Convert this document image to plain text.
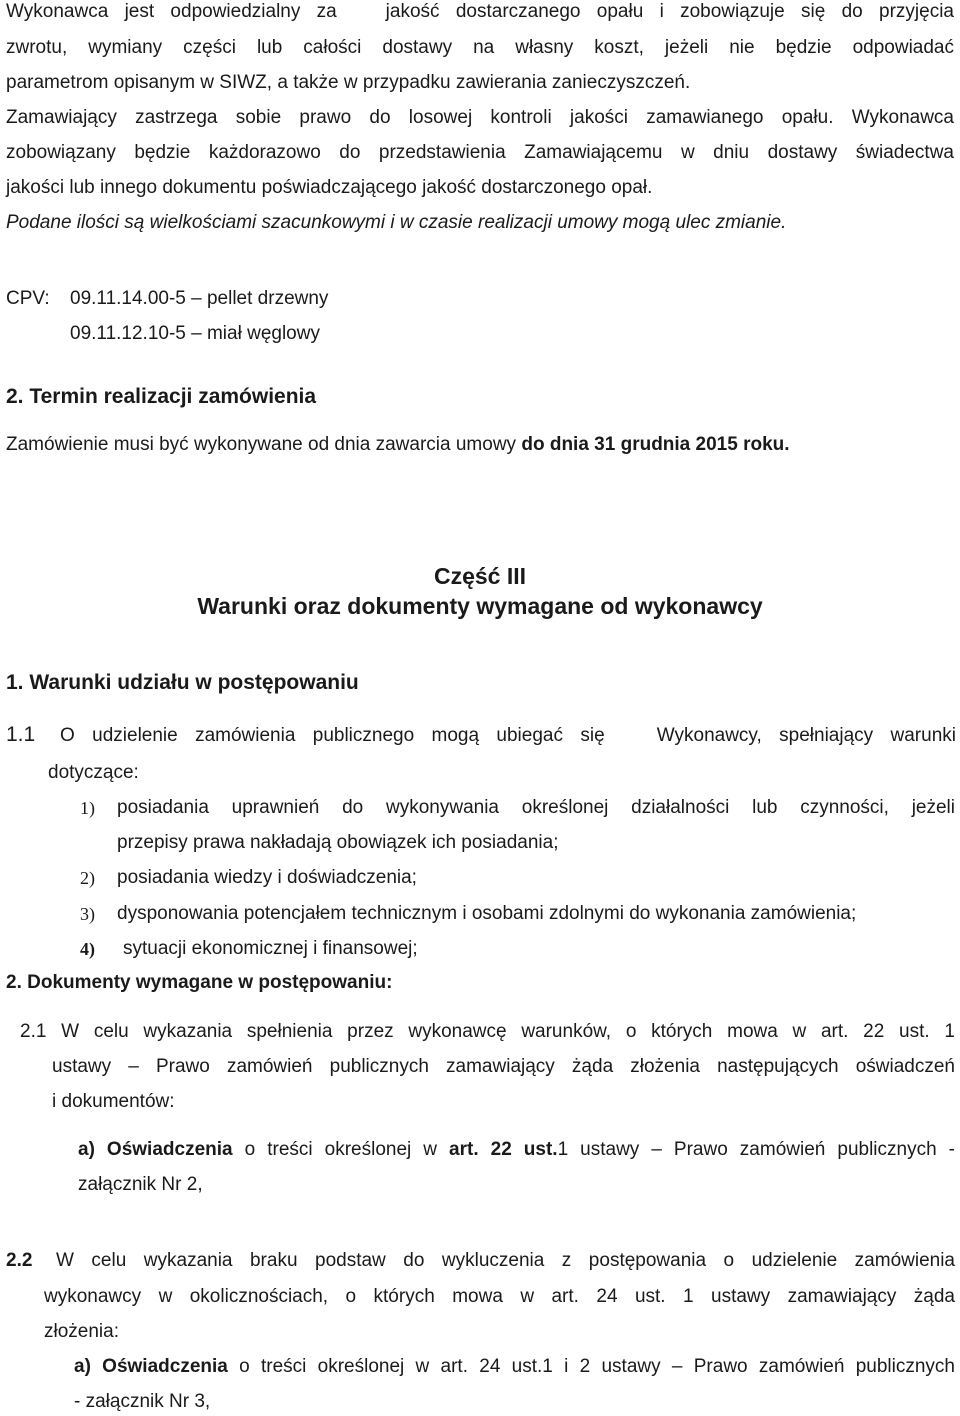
Wykonawca jest odpowiedzialny za	jakość dostarczanego opału i zobowiązuje się do przyjęcia
zwrotu, wymiany części lub całości dostawy na własny koszt, jeżeli nie będzie odpowiadać
parametrom opisanym w SIWZ, a także w przypadku zawierania zanieczyszczeń.
Zamawiający zastrzega sobie prawo do losowej kontroli jakości zamawianego opału. Wykonawca
zobowiązany będzie każdorazowo do przedstawienia Zamawiającemu w dniu dostawy świadectwa
jakości lub innego dokumentu poświadczającego jakość dostarczonego opał.
Podane ilości są wielkościami szacunkowymi i w czasie realizacji umowy mogą ulec zmianie.
CPV: 09.11.14.00-5 – pellet drzewny
09.11.12.10-5 – miał węglowy
2. Termin realizacji zamówienia
Zamówienie musi być wykonywane od dnia zawarcia umowy do dnia 31 grudnia 2015 roku.
Część III
Warunki oraz dokumenty wymagane od wykonawcy
1. Warunki udziału w postępowaniu
1.1 O udzielenie zamówienia publicznego mogą ubiegać się	Wykonawcy, spełniający warunki
dotyczące:
1) posiadania uprawnień do wykonywania określonej działalności lub czynności, jeżeli
przepisy prawa nakładają obowiązek ich posiadania;
2) posiadania wiedzy i doświadczenia;
3) dysponowania potencjałem technicznym i osobami zdolnymi do wykonania zamówienia;
4) sytuacji ekonomicznej i finansowej;
2. Dokumenty wymagane w postępowaniu:
2.1 W celu wykazania spełnienia przez wykonawcę warunków, o których mowa w art. 22 ust. 1
ustawy – Prawo zamówień publicznych zamawiający żąda złożenia następujących oświadczeń
i dokumentów:
a) Oświadczenia o treści określonej w art. 22 ust.1 ustawy – Prawo zamówień publicznych -
załącznik Nr 2,
2.2 W celu wykazania braku podstaw do wykluczenia z postępowania o udzielenie zamówienia
wykonawcy w okolicznościach, o których mowa w art. 24 ust. 1 ustawy zamawiający żąda
złożenia:
a) Oświadczenia o treści określonej w art. 24 ust.1 i 2 ustawy – Prawo zamówień publicznych
- załącznik Nr 3,
